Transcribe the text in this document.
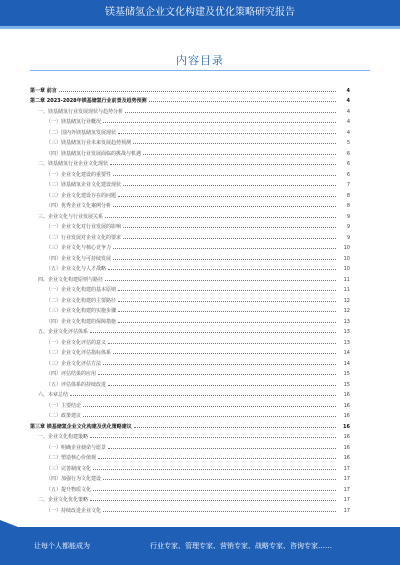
镁基储氢企业文化构建及优化策略研究报告
内容目录
第一章 前言	4
第二章 2023-2028年镁基储氢行业前景及趋势预测	4
一、镁基储氢行业发展现状与趋势分析	4
（一）镁基储氢行业概况	4
（二）国内外镁基储氢发展现状	4
（三）镁基储氢行业未来发展趋势预测	5
（四）镁基储氢行业发展面临的挑战与机遇	6
二、镁基储氢行业企业文化现状	6
（一）企业文化建设的重要性	6
（二）镁基储氢企业文化建设现状	7
（三）企业文化建设存在的问题	8
（四）优秀企业文化案例分析	8
三、企业文化与行业发展关系	9
（一）企业文化对行业发展的影响	9
（二）行业发展对企业文化的要求	9
（三）企业文化与核心竞争力	10
（四）企业文化与可持续发展	10
（五）企业文化与人才战略	10
四、企业文化构建原则与路径	11
（一）企业文化构建的基本原则	11
（二）企业文化构建的主要路径	12
（三）企业文化构建的实施步骤	12
（四）企业文化构建的保障措施	13
五、企业文化评估体系	13
（一）企业文化评估的意义	13
（二）企业文化评估指标体系	14
（三）企业文化评估方法	14
（四）评估结果的应用	15
（五）评估体系的持续改进	15
六、本章总结	16
（一）主要结论	16
（二）政策建议	16
第三章 镁基储氢企业文化构建及优化策略建议	16
一、企业文化构建策略	16
（一）明确企业使命与愿景	16
（二）塑造核心价值观	16
（三）完善制度文化	17
（四）加强行为文化建设	17
（五）提升物质文化	17
二、企业文化优化策略	17
（一）持续改进企业文化	17
让每个人都能成为	行业专家、管理专家、营销专家、战略专家、咨询专家……
